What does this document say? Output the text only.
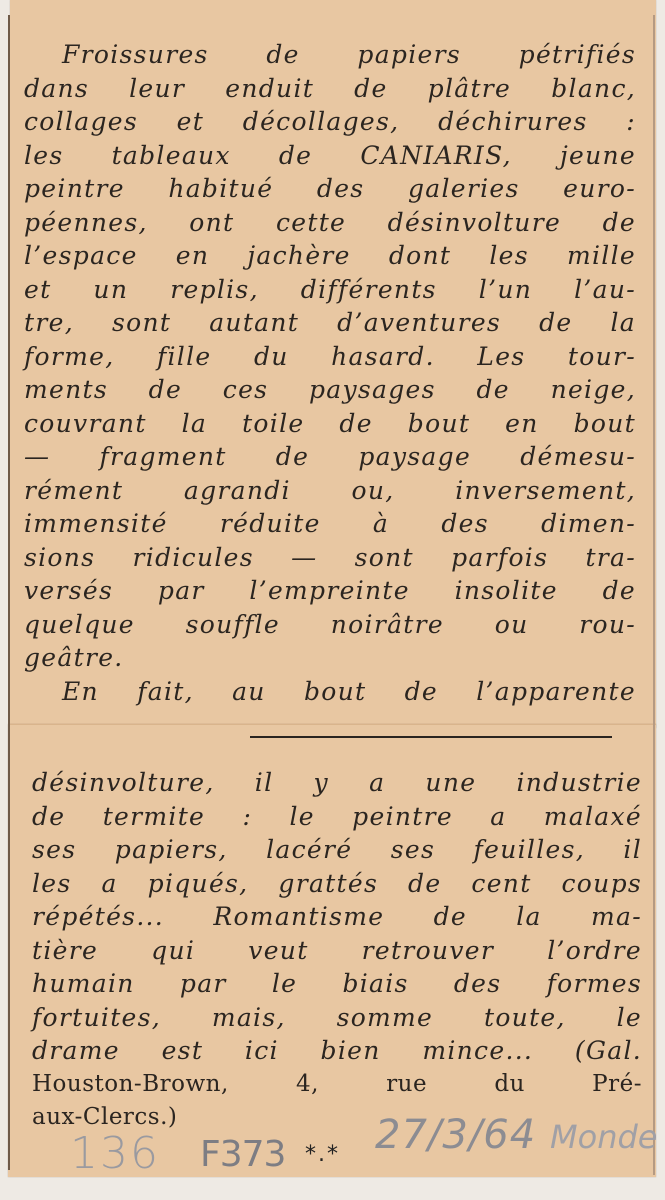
Froissures de papiers pétrifiés
dans leur enduit de plâtre blanc,
collages et décollages, déchirures :
les tableaux de CANIARIS, jeune
peintre habitué des galeries euro-
péennes, ont cette désinvolture de
l’espace en jachère dont les mille
et un replis, différents l’un l’au-
tre, sont autant d’aventures de la
forme, fille du hasard. Les tour-
ments de ces paysages de neige,
couvrant la toile de bout en bout
— fragment de paysage démesu-
rément agrandi ou, inversement,
immensité réduite à des dimen-
sions ridicules — sont parfois tra-
versés par l’empreinte insolite de
quelque souffle noirâtre ou rou-
geâtre.
En fait, au bout de l’apparente
désinvolture, il y a une industrie
de termite : le peintre a malaxé
ses papiers, lacéré ses feuilles, il
les a piqués, grattés de cent coups
répétés... Romantisme de la ma-
tière qui veut retrouver l’ordre
humain par le biais des formes
fortuites, mais, somme toute, le
drame est ici bien mince... (Gal.
Houston-Brown, 4, rue du Pré-
aux-Clercs.)
136 F373 *.* 27/3/64 Monde
